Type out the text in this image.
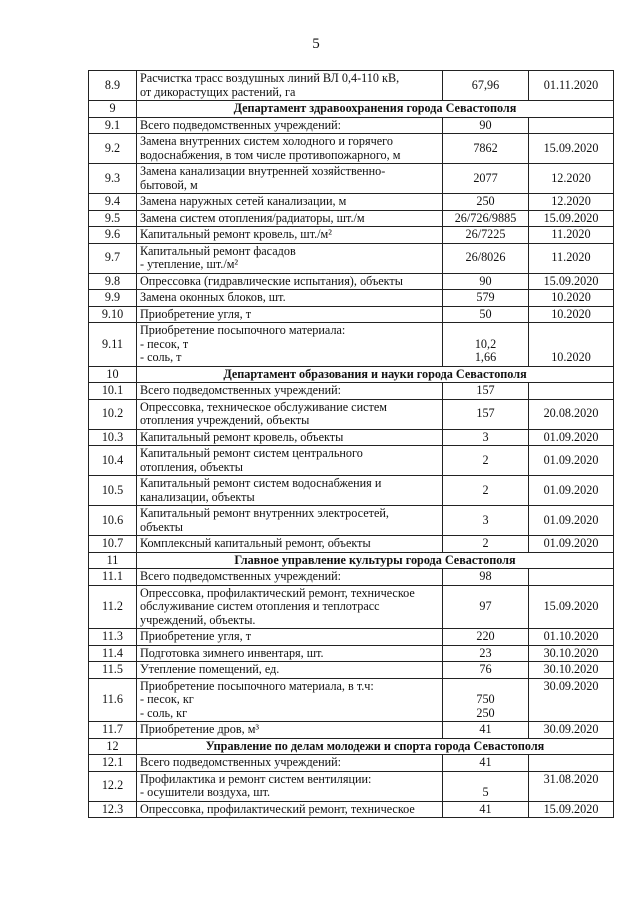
5
8.9	Расчистка трасс воздушных линий ВЛ 0,4-110 кВ,
от дикорастущих растений, га	67,96	01.11.2020
9	Департамент здравоохранения города Севастополя		
9.1	Всего подведомственных учреждений:	90	

9.2	Замена внутренних систем холодного и горячего
водоснабжения, в том числе противопожарного, м	7862	15.09.2020
9.3	Замена канализации внутренней хозяйственно-
бытовой, м	2077	12.2020
9.4	Замена наружных сетей канализации, м	250	12.2020
9.5	Замена систем отопления/радиаторы, шт./м	26/726/9885	15.09.2020
9.6	Капитальный ремонт кровель, шт./м²	26/7225	11.2020
9.7	Капитальный ремонт фасадов
- утепление, шт./м²	26/8026	11.2020
9.8	Опрессовка (гидравлические испытания), объекты	90	15.09.2020
9.9	Замена оконных блоков, шт.	579	10.2020
9.10	Приобретение угля, т	50	10.2020
9.11	Приобретение посыпочного материала:
- песок, т
- соль, т	10,2
1,66	10.2020
10	Департамент образования и науки города Севастополя		
10.1	Всего подведомственных учреждений:	157	

10.2	Опрессовка, техническое обслуживание систем
отопления учреждений, объекты	157	20.08.2020
10.3	Капитальный ремонт кровель, объекты	3	01.09.2020
10.4	Капитальный ремонт систем центрального
отопления, объекты	2	01.09.2020
10.5	Капитальный ремонт систем водоснабжения и
канализации, объекты	2	01.09.2020
10.6	Капитальный ремонт внутренних электросетей,
объекты	3	01.09.2020
10.7	Комплексный капитальный ремонт, объекты	2	01.09.2020
11	Главное управление культуры города Севастополя		
11.1	Всего подведомственных учреждений:	98	

11.2	Опрессовка, профилактический ремонт, техническое
обслуживание систем отопления и теплотрасс
учреждений, объекты.	97	15.09.2020
11.3	Приобретение угля, т	220	01.10.2020
11.4	Подготовка зимнего инвентаря, шт.	23	30.10.2020
11.5	Утепление помещений, ед.	76	30.10.2020
11.6	Приобретение посыпочного материала, в т.ч:
- песок, кг
- соль, кг	750
250	30.09.2020
11.7	Приобретение дров, м³	41	30.09.2020
12	Управление по делам молодежи и спорта города Севастополя		
12.1	Всего подведомственных учреждений:	41	

12.2	Профилактика и ремонт систем вентиляции:
- осушители воздуха, шт.	5	31.08.2020
12.3	Опрессовка, профилактический ремонт, техническое	41	15.09.2020
